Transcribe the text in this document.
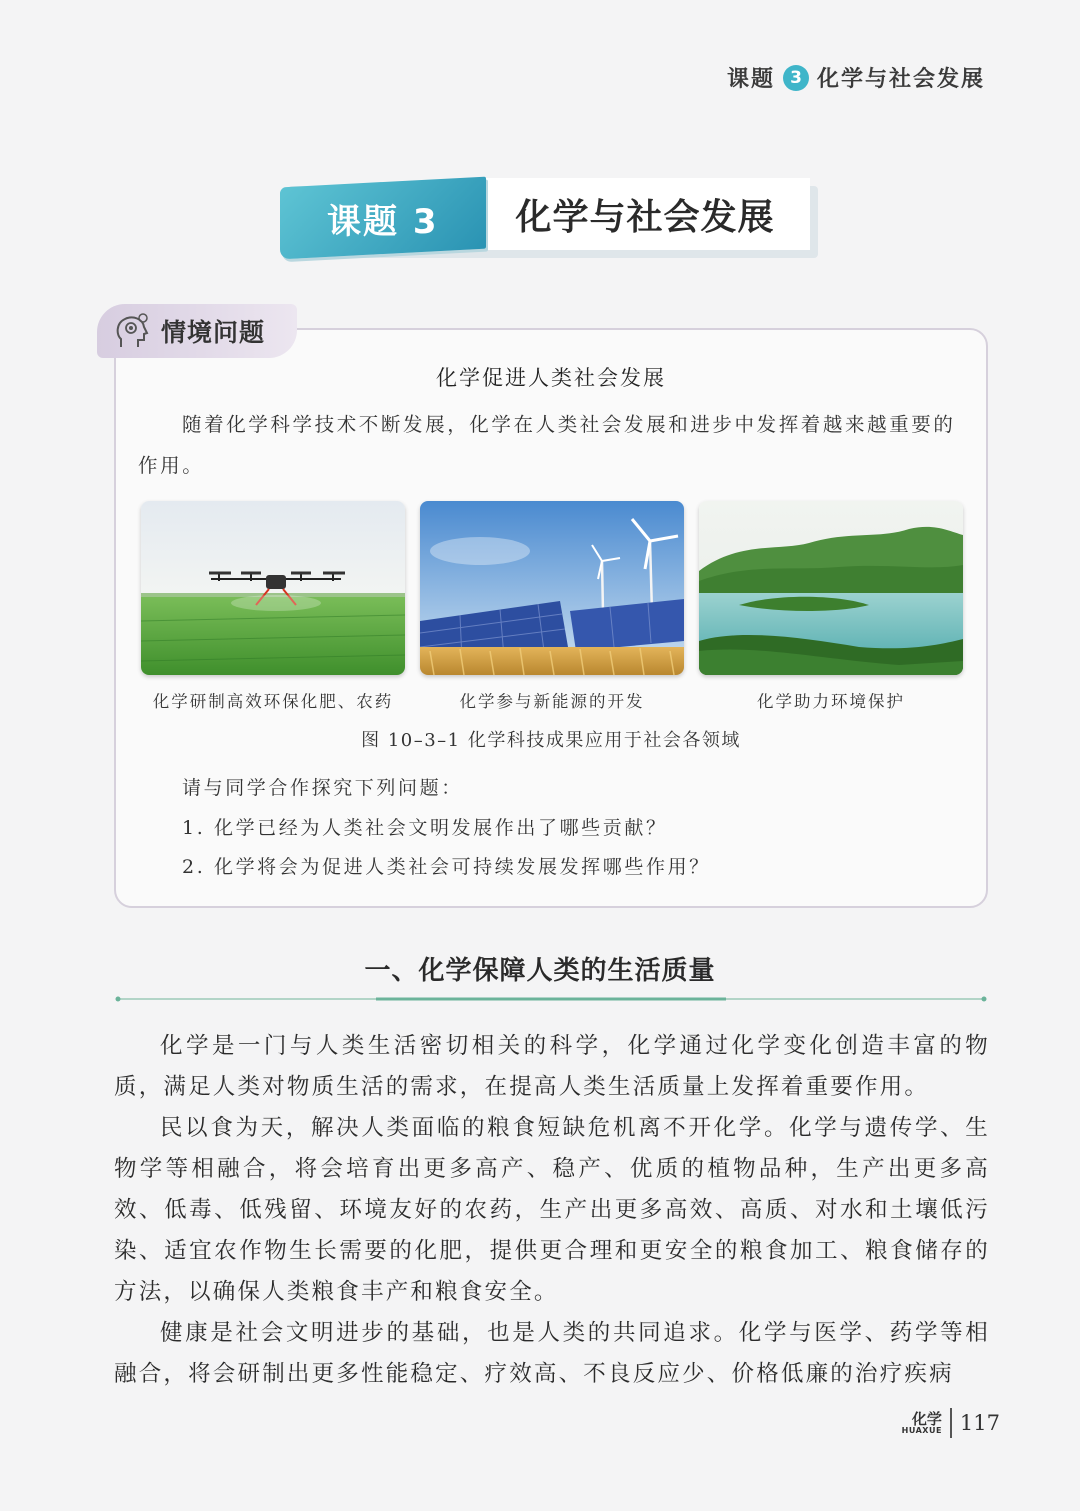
课题 3 化学与社会发展
化学与社会发展
课题 3
情境问题
化学促进人类社会发展
随着化学科学技术不断发展，化学在人类社会发展和进步中发挥着越来越重要的作用。
化学研制高效环保化肥、农药	化学参与新能源的开发	化学助力环境保护
图 10–3–1 化学科技成果应用于社会各领域
请与同学合作探究下列问题：
1. 化学已经为人类社会文明发展作出了哪些贡献？
2. 化学将会为促进人类社会可持续发展发挥哪些作用？
一、化学保障人类的生活质量
化学是一门与人类生活密切相关的科学，化学通过化学变化创造丰富的物质，满足人类对物质生活的需求，在提高人类生活质量上发挥着重要作用。
民以食为天，解决人类面临的粮食短缺危机离不开化学。化学与遗传学、生物学等相融合，将会培育出更多高产、稳产、优质的植物品种，生产出更多高效、低毒、低残留、环境友好的农药，生产出更多高效、高质、对水和土壤低污染、适宜农作物生长需要的化肥，提供更合理和更安全的粮食加工、粮食储存的方法，以确保人类粮食丰产和粮食安全。
健康是社会文明进步的基础，也是人类的共同追求。化学与医学、药学等相融合，将会研制出更多性能稳定、疗效高、不良反应少、价格低廉的治疗疾病
化学
HUAXUE 117
